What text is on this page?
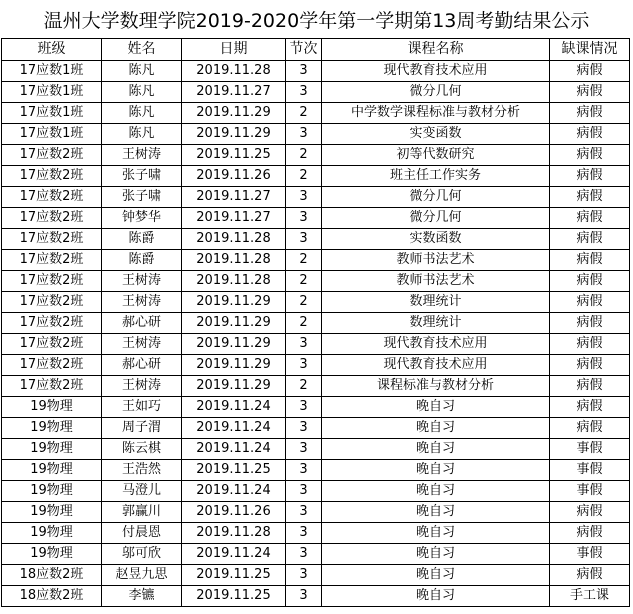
温州大学数理学院2019-2020学年第一学期第13周考勤结果公示
班级	姓名	日期	节次	课程名称	缺课情况
17应数1班	陈凡	2019.11.28	3	现代教育技术应用	病假
17应数1班	陈凡	2019.11.27	3	微分几何	病假
17应数1班	陈凡	2019.11.29	2	中学数学课程标准与教材分析	病假
17应数1班	陈凡	2019.11.29	3	实变函数	病假
17应数2班	王树涛	2019.11.25	2	初等代数研究	病假
17应数2班	张子啸	2019.11.26	2	班主任工作实务	病假
17应数2班	张子啸	2019.11.27	3	微分几何	病假
17应数2班	钟梦华	2019.11.27	3	微分几何	病假
17应数2班	陈爵	2019.11.28	3	实数函数	病假
17应数2班	陈爵	2019.11.28	2	教师书法艺术	病假
17应数2班	王树涛	2019.11.28	2	教师书法艺术	病假
17应数2班	王树涛	2019.11.29	2	数理统计	病假
17应数2班	郝心研	2019.11.29	2	数理统计	病假
17应数2班	王树涛	2019.11.29	3	现代教育技术应用	病假
17应数2班	郝心研	2019.11.29	3	现代教育技术应用	病假
17应数2班	王树涛	2019.11.29	2	课程标准与教材分析	病假
19物理	王如巧	2019.11.24	3	晚自习	病假
19物理	周子渭	2019.11.24	3	晚自习	病假
19物理	陈云棋	2019.11.24	3	晚自习	事假
19物理	王浩然	2019.11.25	3	晚自习	事假
19物理	马澄儿	2019.11.24	3	晚自习	事假
19物理	郭赢川	2019.11.26	3	晚自习	病假
19物理	付晨恩	2019.11.28	3	晚自习	病假
19物理	邬可欣	2019.11.24	3	晚自习	事假
18应数2班	赵昱九思	2019.11.25	3	晚自习	病假
18应数2班	李镳	2019.11.25	3	晚自习	手工课
